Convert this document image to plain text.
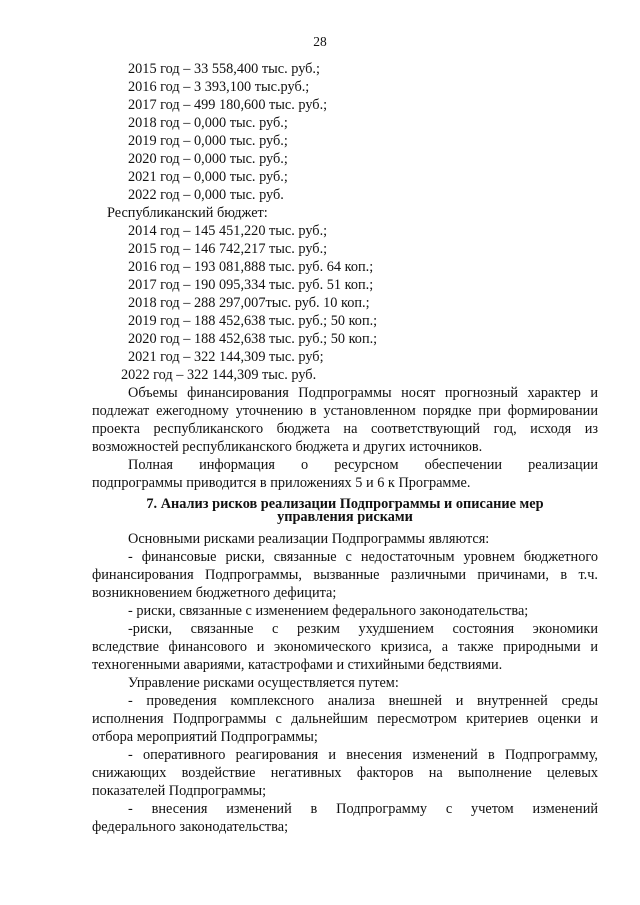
28
2015 год – 33 558,400 тыс. руб.;
2016 год – 3 393,100 тыс.руб.;
2017 год – 499 180,600 тыс. руб.;
2018 год – 0,000 тыс. руб.;
2019 год – 0,000 тыс. руб.;
2020 год – 0,000 тыс. руб.;
2021 год – 0,000 тыс. руб.;
2022 год – 0,000 тыс. руб.
Республиканский бюджет:
2014 год – 145 451,220 тыс. руб.;
2015 год – 146 742,217 тыс. руб.;
2016 год – 193 081,888 тыс. руб. 64 коп.;
2017 год – 190 095,334 тыс. руб. 51 коп.;
2018 год – 288 297,007тыс. руб. 10 коп.;
2019 год – 188 452,638 тыс. руб.; 50 коп.;
2020 год – 188 452,638 тыс. руб.; 50 коп.;
2021 год – 322 144,309 тыс. руб;
2022 год – 322 144,309 тыс. руб.
Объемы финансирования Подпрограммы носят прогнозный характер и
подлежат ежегодному уточнению в установленном порядке при формировании
проекта республиканского бюджета на соответствующий год, исходя из
возможностей республиканского бюджета и других источников.
Полная информация о ресурсном обеспечении реализации
подпрограммы приводится в приложениях 5 и 6 к Программе.
7. Анализ рисков реализации Подпрограммы и описание мер
управления рисками
Основными рисками реализации Подпрограммы являются:
- финансовые риски, связанные с недостаточным уровнем бюджетного
финансирования Подпрограммы, вызванные различными причинами, в т.ч.
возникновением бюджетного дефицита;
- риски, связанные с изменением федерального законодательства;
-риски, связанные с резким ухудшением состояния экономики
вследствие финансового и экономического кризиса, а также природными и
техногенными авариями, катастрофами и стихийными бедствиями.
Управление рисками осуществляется путем:
- проведения комплексного анализа внешней и внутренней среды
исполнения Подпрограммы с дальнейшим пересмотром критериев оценки и
отбора мероприятий Подпрограммы;
- оперативного реагирования и внесения изменений в Подпрограмму,
снижающих воздействие негативных факторов на выполнение целевых
показателей Подпрограммы;
- внесения изменений в Подпрограмму с учетом изменений
федерального законодательства;
